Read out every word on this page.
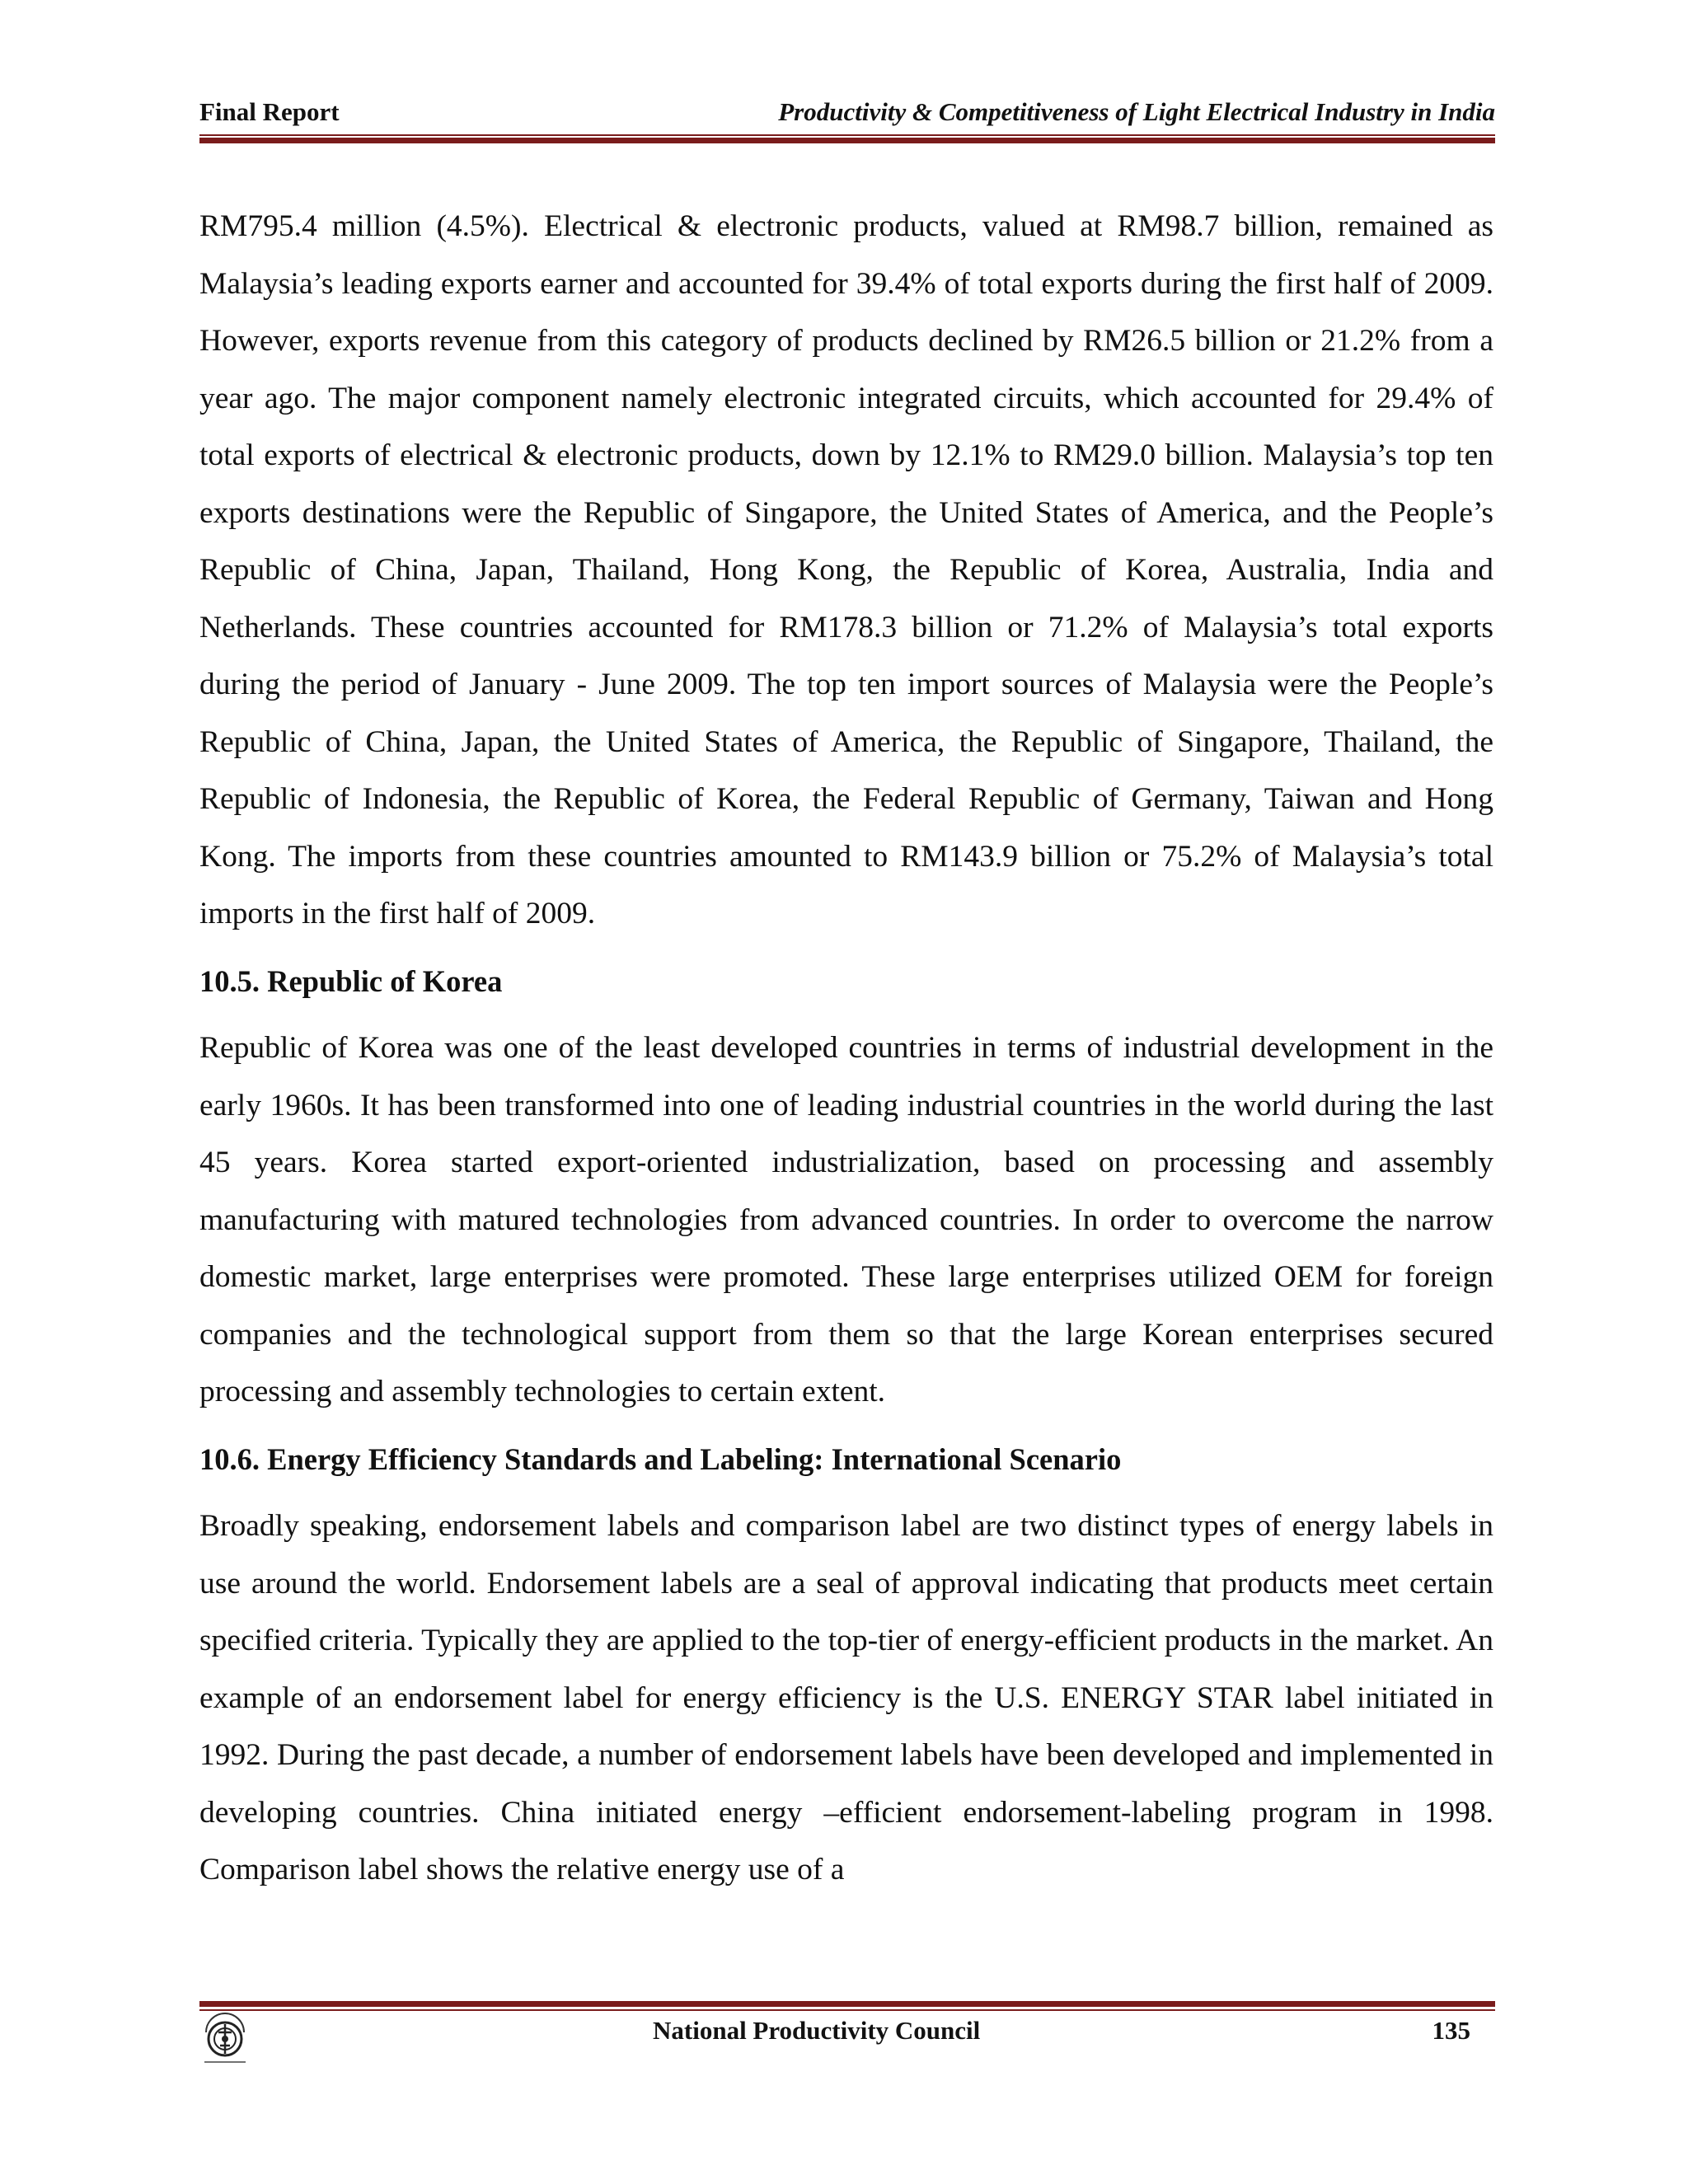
Final Report	Productivity & Competitiveness of Light Electrical Industry in India

RM795.4 million (4.5%). Electrical & electronic products, valued at RM98.7 billion, remained as Malaysia’s leading exports earner and accounted for 39.4% of total exports during the first half of 2009. However, exports revenue from this category of products declined by RM26.5 billion or 21.2% from a year ago. The major component namely electronic integrated circuits, which accounted for 29.4% of total exports of electrical & electronic products, down by 12.1% to RM29.0 billion. Malaysia’s top ten exports destinations were the Republic of Singapore, the United States of America, and the People’s Republic of China, Japan, Thailand, Hong Kong, the Republic of Korea, Australia, India and Netherlands. These countries accounted for RM178.3 billion or 71.2% of Malaysia’s total exports during the period of January - June 2009. The top ten import sources of Malaysia were the People’s Republic of China, Japan, the United States of America, the Republic of Singapore, Thailand, the Republic of Indonesia, the Republic of Korea, the Federal Republic of Germany, Taiwan and Hong Kong. The imports from these countries amounted to RM143.9 billion or 75.2% of Malaysia’s total imports in the first half of 2009.

10.5. Republic of Korea

Republic of Korea was one of the least developed countries in terms of industrial development in the early 1960s. It has been transformed into one of leading industrial countries in the world during the last 45 years. Korea started export-oriented industrialization, based on processing and assembly manufacturing with matured technologies from advanced countries. In order to overcome the narrow domestic market, large enterprises were promoted. These large enterprises utilized OEM for foreign companies and the technological support from them so that the large Korean enterprises secured processing and assembly technologies to certain extent.

10.6. Energy Efficiency Standards and Labeling: International Scenario

Broadly speaking, endorsement labels and comparison label are two distinct types of energy labels in use around the world. Endorsement labels are a seal of approval indicating that products meet certain specified criteria. Typically they are applied to the top-tier of energy-efficient products in the market. An example of an endorsement label for energy efficiency is the U.S. ENERGY STAR label initiated in 1992. During the past decade, a number of endorsement labels have been developed and implemented in developing countries. China initiated energy –efficient endorsement-labeling program in 1998. Comparison label shows the relative energy use of a

National Productivity Council	135
